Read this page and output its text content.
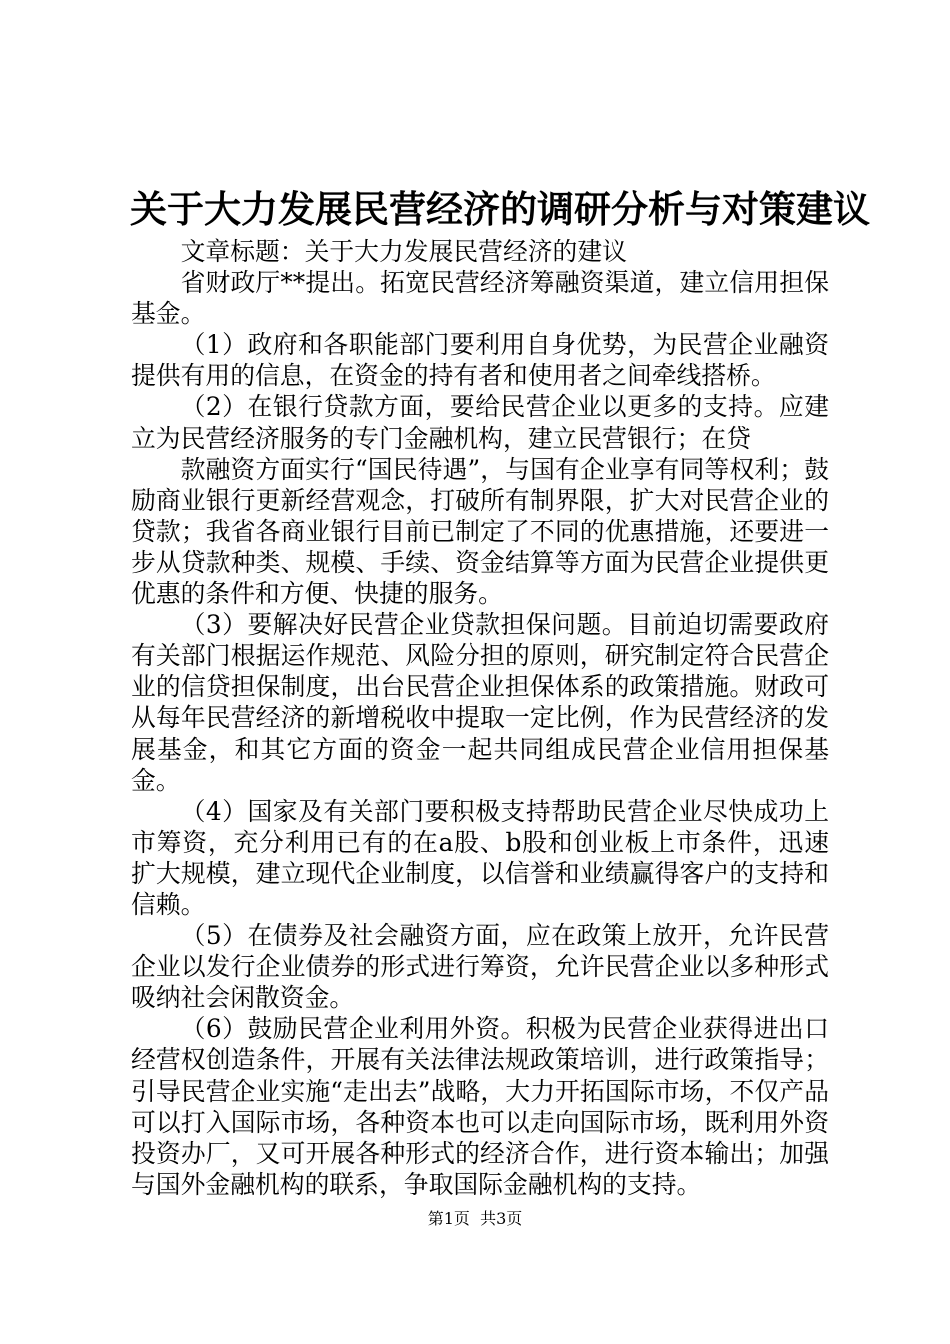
关于大力发展民营经济的调研分析与对策建议

文章标题：关于大力发展民营经济的建议

省财政厅**提出。拓宽民营经济筹融资渠道，建立信用担保基金。

（1）政府和各职能部门要利用自身优势，为民营企业融资提供有用的信息，在资金的持有者和使用者之间牵线搭桥。

（2）在银行贷款方面，要给民营企业以更多的支持。应建立为民营经济服务的专门金融机构，建立民营银行；在贷

款融资方面实行“国民待遇”，与国有企业享有同等权利；鼓励商业银行更新经营观念，打破所有制界限，扩大对民营企业的贷款；我省各商业银行目前已制定了不同的优惠措施，还要进一步从贷款种类、规模、手续、资金结算等方面为民营企业提供更优惠的条件和方便、快捷的服务。

（3）要解决好民营企业贷款担保问题。目前迫切需要政府有关部门根据运作规范、风险分担的原则，研究制定符合民营企业的信贷担保制度，出台民营企业担保体系的政策措施。财政可从每年民营经济的新增税收中提取一定比例，作为民营经济的发展基金，和其它方面的资金一起共同组成民营企业信用担保基金。

（4）国家及有关部门要积极支持帮助民营企业尽快成功上市筹资，充分利用已有的在a股、b股和创业板上市条件，迅速扩大规模，建立现代企业制度，以信誉和业绩赢得客户的支持和信赖。

（5）在债券及社会融资方面，应在政策上放开，允许民营企业以发行企业债券的形式进行筹资，允许民营企业以多种形式吸纳社会闲散资金。

（6）鼓励民营企业利用外资。积极为民营企业获得进出口经营权创造条件，开展有关法律法规政策培训，进行政策指导；引导民营企业实施“走出去”战略，大力开拓国际市场，不仅产品可以打入国际市场，各种资本也可以走向国际市场，既利用外资投资办厂，又可开展各种形式的经济合作，进行资本输出；加强与国外金融机构的联系，争取国际金融机构的支持。

第1页  共3页
